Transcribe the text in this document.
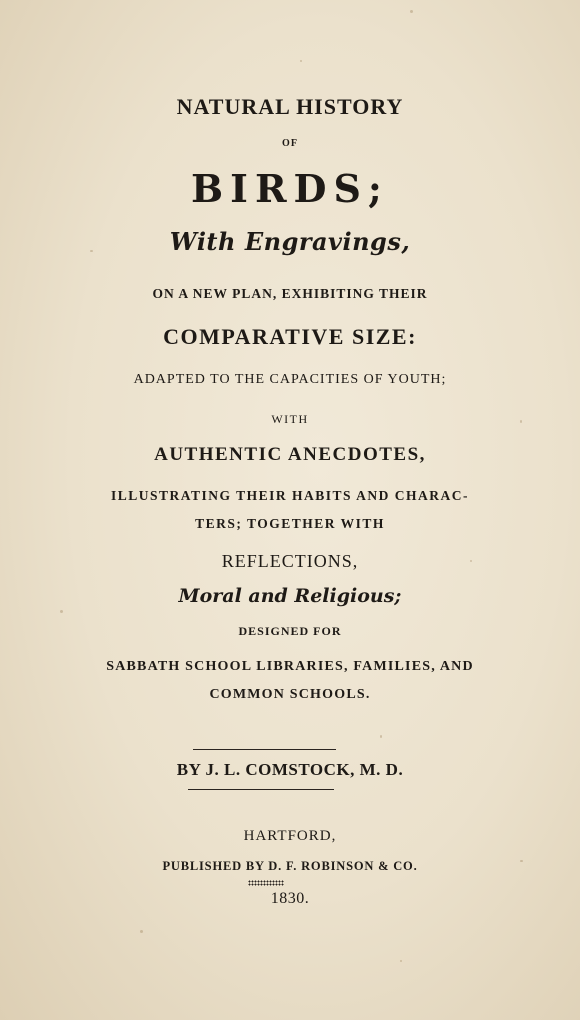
NATURAL HISTORY
OF
BIRDS;
With Engravings,
ON A NEW PLAN, EXHIBITING THEIR
COMPARATIVE SIZE:
ADAPTED TO THE CAPACITIES OF YOUTH;
WITH
AUTHENTIC ANECDOTES,
ILLUSTRATING THEIR HABITS AND CHARAC-
TERS; TOGETHER WITH
REFLECTIONS,
Moral and Religious;
DESIGNED FOR
SABBATH SCHOOL LIBRARIES, FAMILIES, AND
COMMON SCHOOLS.
BY J. L. COMSTOCK, M. D.
HARTFORD,
PUBLISHED BY D. F. ROBINSON & CO.
1830.
